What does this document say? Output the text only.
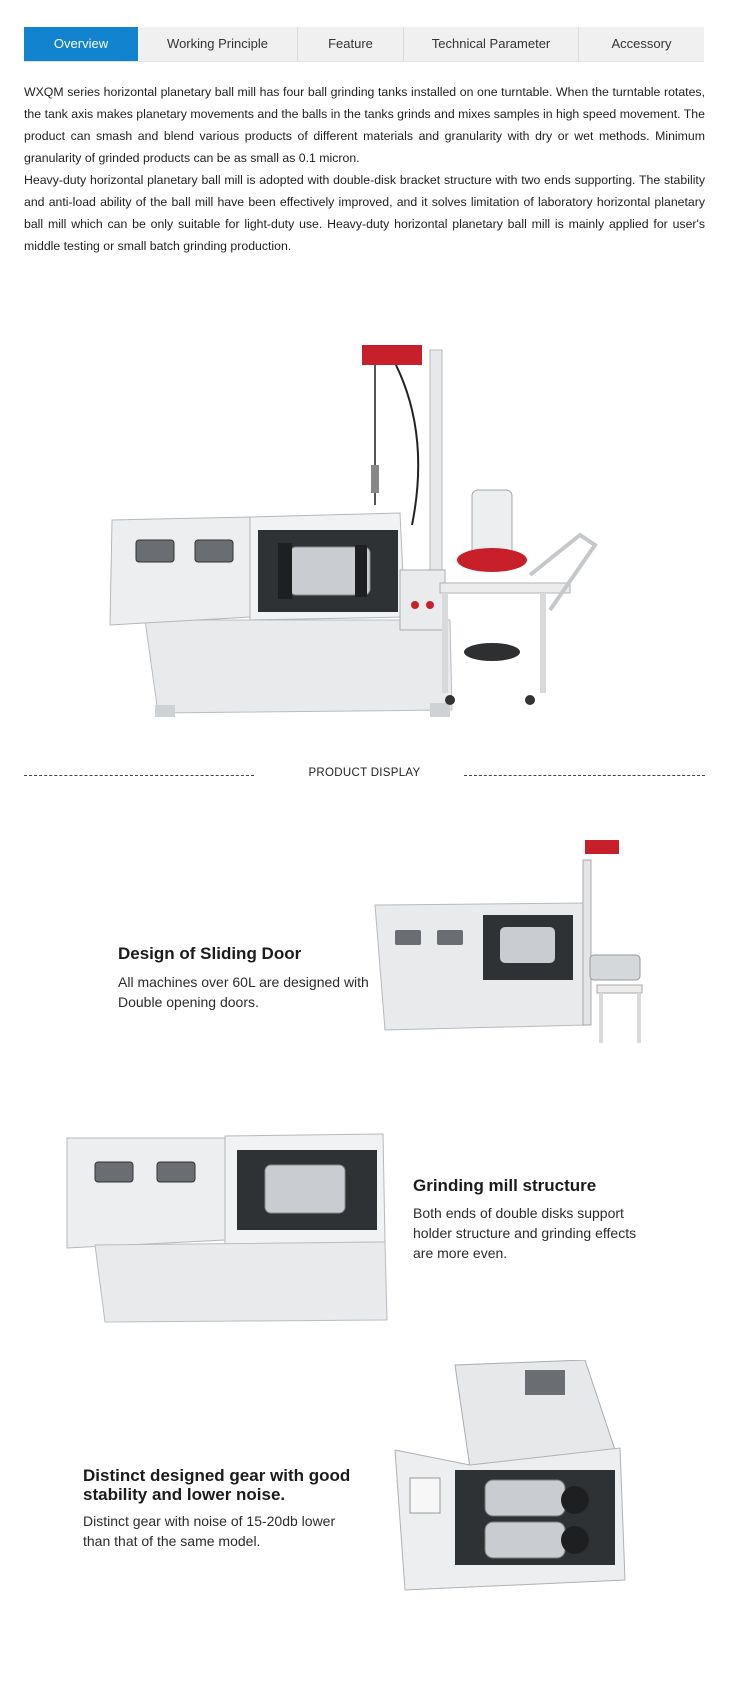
Overview	Working Principle	Feature	Technical Parameter	Accessory

WXQM series horizontal planetary ball mill has four ball grinding tanks installed on one turntable. When the turntable rotates, the tank axis makes planetary movements and the balls in the tanks grinds and mixes samples in high speed movement. The product can smash and blend various products of different materials and granularity with dry or wet methods. Minimum granularity of grinded products can be as small as 0.1 micron.

Heavy-duty horizontal planetary ball mill is adopted with double-disk bracket structure with two ends supporting. The stability and anti-load ability of the ball mill have been effectively improved, and it solves limitation of laboratory horizontal planetary ball mill which can be only suitable for light-duty use. Heavy-duty horizontal planetary ball mill is mainly applied for user's middle testing or small batch grinding production.

PRODUCT DISPLAY
Design of Sliding Door
All machines over 60L are designed with
Double opening doors.
Grinding mill structure
Both ends of double disks support
holder structure and grinding effects
are more even.
Distinct designed gear with good
stability and lower noise.
Distinct gear with noise of 15-20db lower
than that of the same model.
